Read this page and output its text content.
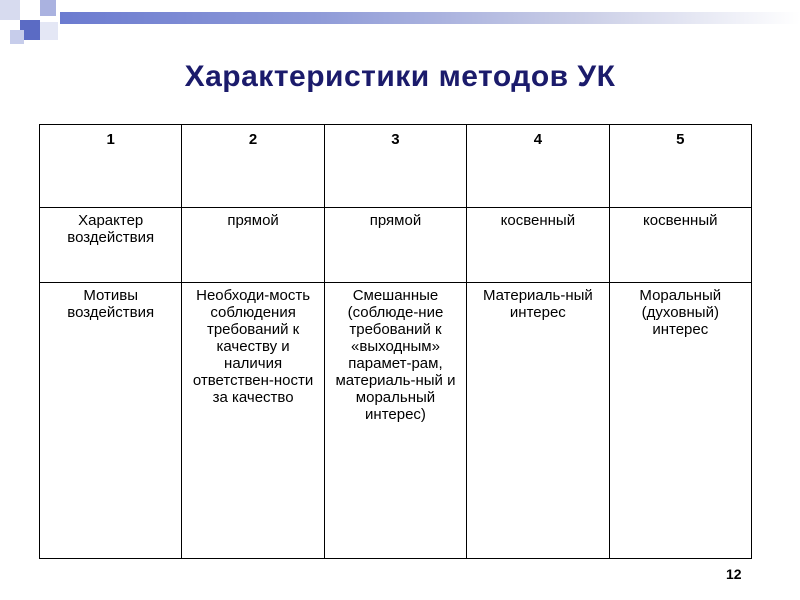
Характеристики методов УК
1	2	3	4	5
Характер воздействия	прямой	прямой	косвенный	косвенный
Мотивы воздействия	Необходи-мость соблюдения требований к качеству и наличия ответствен-ности за качество	Смешанные (соблюде-ние требований к «выходным» парамет-рам, материаль-ный и моральный интерес)	Материаль-ный интерес	Моральный (духовный) интерес
12
